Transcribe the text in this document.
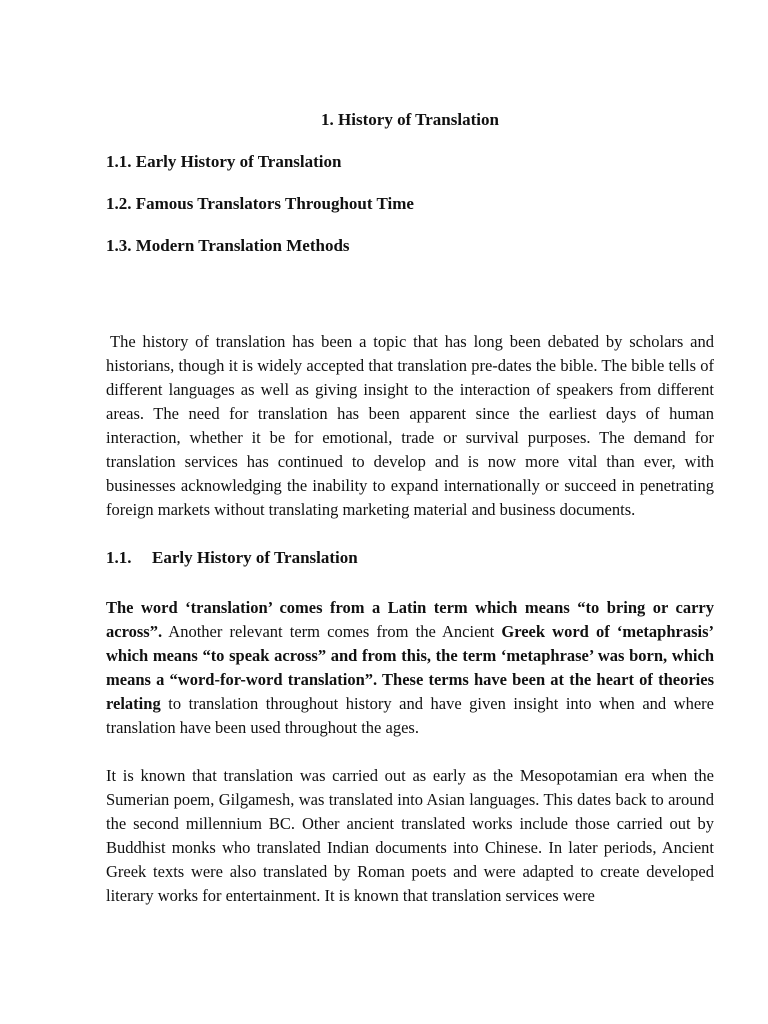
1. History of Translation
1.1. Early History of Translation
1.2. Famous Translators Throughout Time
1.3. Modern Translation Methods

The history of translation has been a topic that has long been debated by scholars and historians, though it is widely accepted that translation pre-dates the bible. The bible tells of different languages as well as giving insight to the interaction of speakers from different areas. The need for translation has been apparent since the earliest days of human interaction, whether it be for emotional, trade or survival purposes. The demand for translation services has continued to develop and is now more vital than ever, with businesses acknowledging the inability to expand internationally or succeed in penetrating foreign markets without translating marketing material and business documents.

1.1.	Early History of Translation

The word ‘translation’ comes from a Latin term which means “to bring or carry across”. Another relevant term comes from the Ancient Greek word of ‘metaphrasis’ which means “to speak across” and from this, the term ‘metaphrase’ was born, which means a “word-for-word translation”. These terms have been at the heart of theories relating to translation throughout history and have given insight into when and where translation have been used throughout the ages.

It is known that translation was carried out as early as the Mesopotamian era when the Sumerian poem, Gilgamesh, was translated into Asian languages. This dates back to around the second millennium BC. Other ancient translated works include those carried out by Buddhist monks who translated Indian documents into Chinese. In later periods, Ancient Greek texts were also translated by Roman poets and were adapted to create developed literary works for entertainment. It is known that translation services were
